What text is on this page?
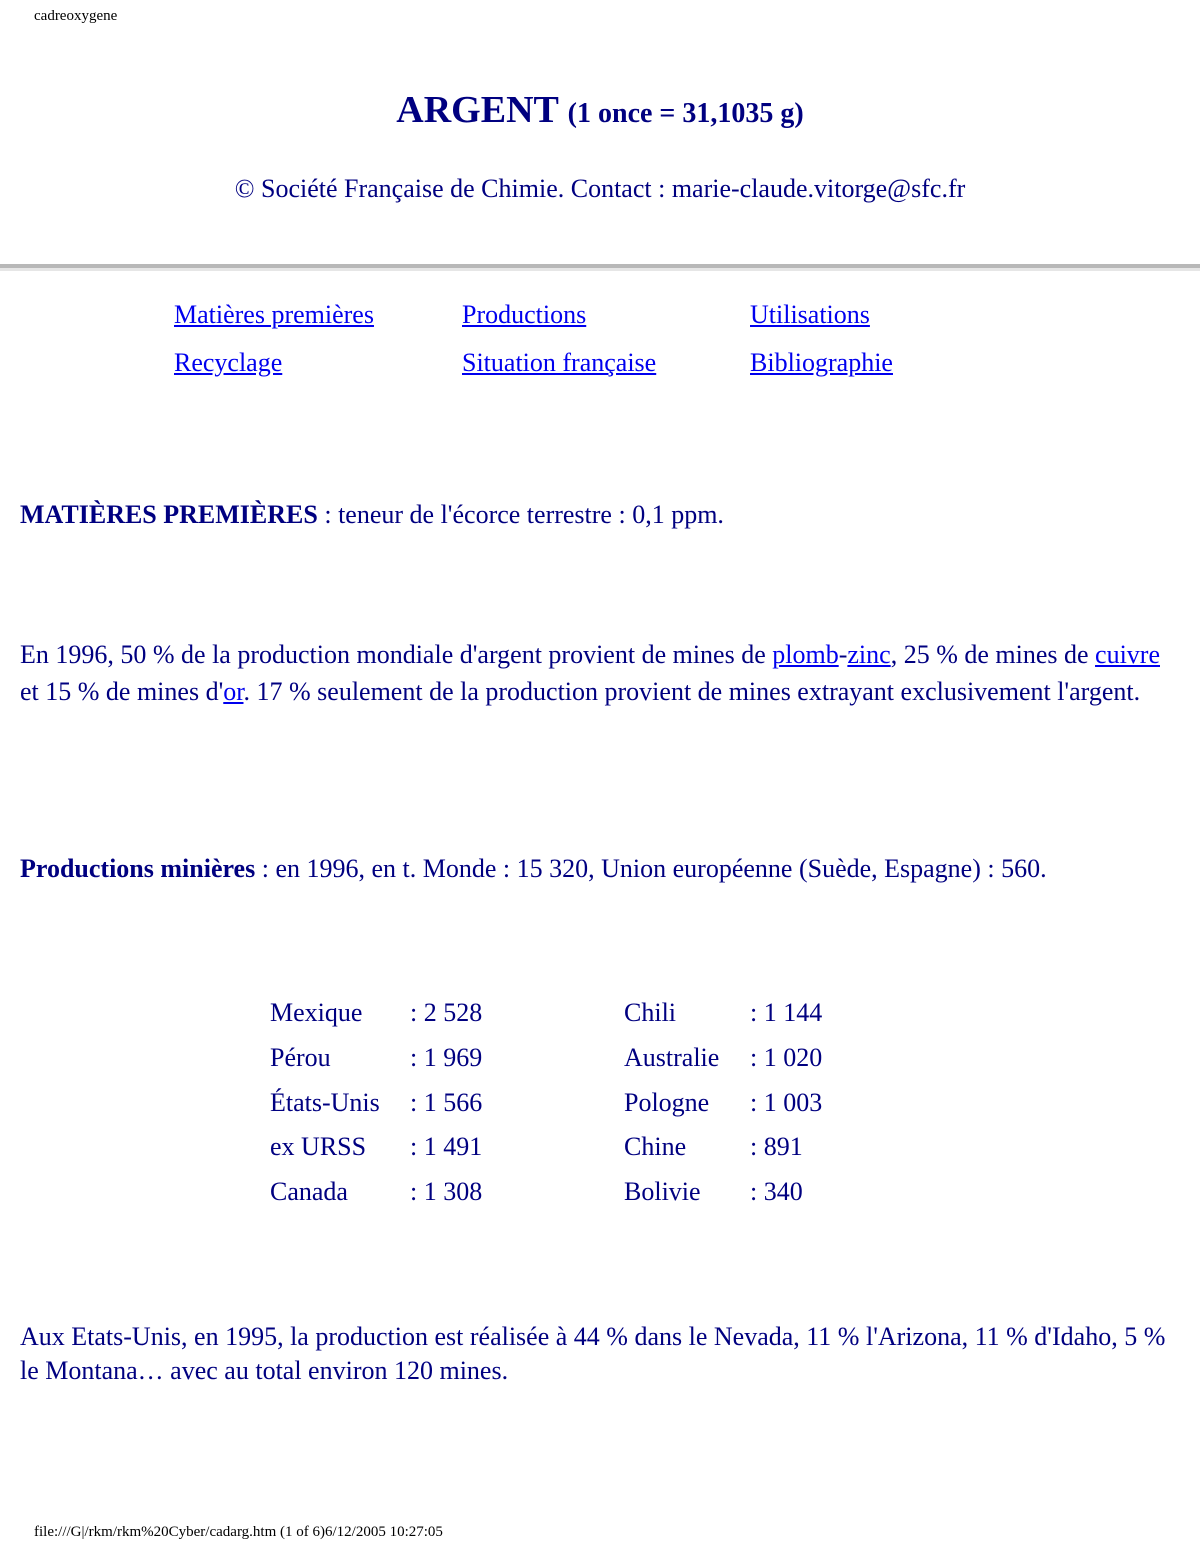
cadreoxygene
ARGENT (1 once = 31,1035 g)
© Société Française de Chimie. Contact : marie-claude.vitorge@sfc.fr
Matières premières	Productions	Utilisations
Recyclage	Situation française	Bibliographie
MATIÈRES PREMIÈRES : teneur de l'écorce terrestre : 0,1 ppm.
En 1996, 50 % de la production mondiale d'argent provient de mines de plomb-zinc, 25 % de mines de cuivre et 15 % de mines d'or. 17 % seulement de la production provient de mines extrayant exclusivement l'argent.
Productions minières : en 1996, en t. Monde : 15 320, Union européenne (Suède, Espagne) : 560.
Mexique : 2 528	Chili	: 1 144
Pérou	: 1 969	Australie : 1 020
États-Unis : 1 566	Pologne : 1 003
ex URSS : 1 491	Chine : 891
Canada : 1 308	Bolivie : 340
Aux Etats-Unis, en 1995, la production est réalisée à 44 % dans le Nevada, 11 % l'Arizona, 11 % d'Idaho, 5 % le Montana… avec au total environ 120 mines.
file:///G|/rkm/rkm%20Cyber/cadarg.htm (1 of 6)6/12/2005 10:27:05
